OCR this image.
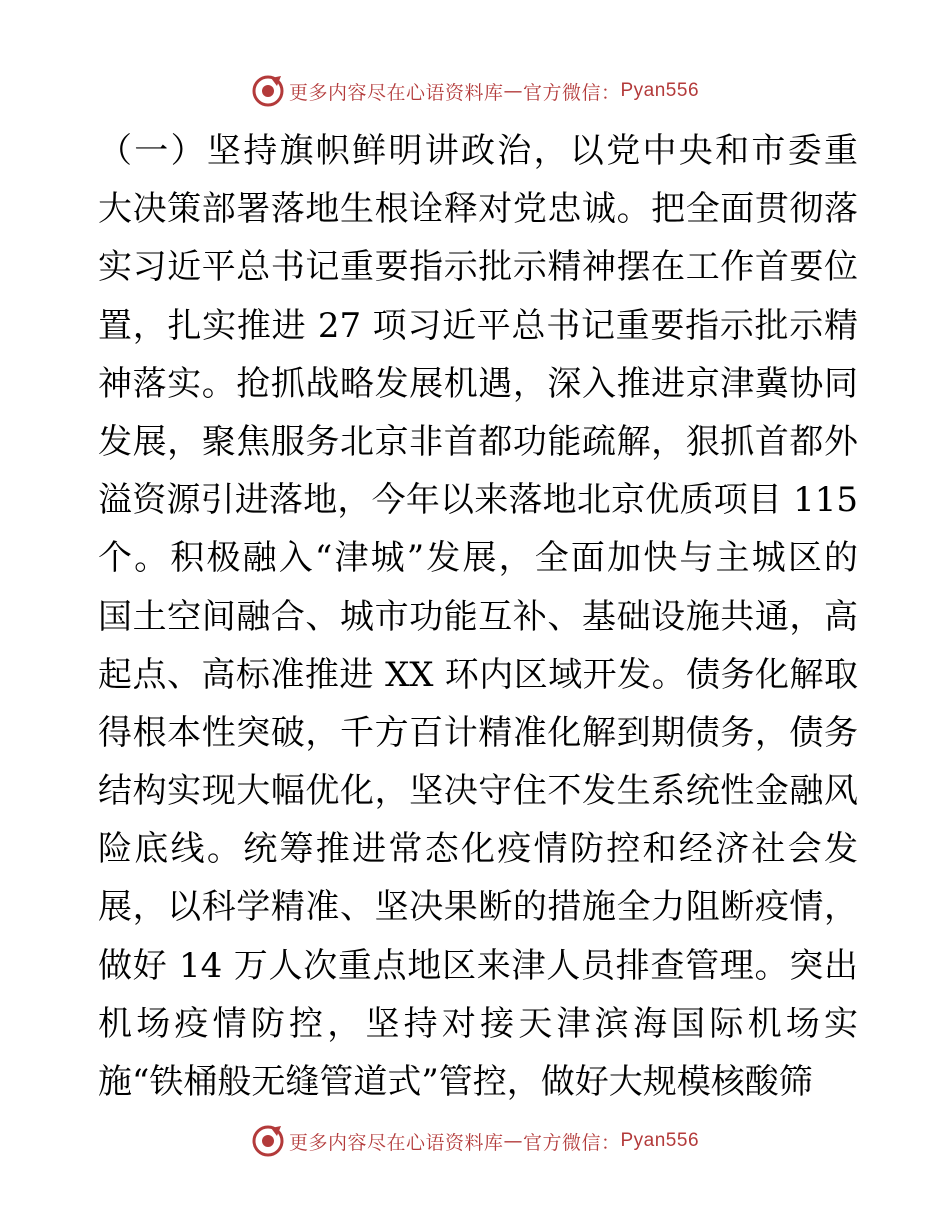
更多内容尽在心语资料库 — 官方微信： Pyan556
（一）坚持旗帜鲜明讲政治，以党中央和市委重
大决策部署落地生根诠释对党忠诚。把全面贯彻落
实习近平总书记重要指示批示精神摆在工作首要位
置，扎实推进 27 项习近平总书记重要指示批示精
神落实。抢抓战略发展机遇，深入推进京津冀协同
发展，聚焦服务北京非首都功能疏解，狠抓首都外
溢资源引进落地，今年以来落地北京优质项目 115
个。积极融入“津城”发展，全面加快与主城区的
国土空间融合、城市功能互补、基础设施共通，高
起点、高标准推进 XX 环内区域开发。债务化解取
得根本性突破，千方百计精准化解到期债务，债务
结构实现大幅优化，坚决守住不发生系统性金融风
险底线。统筹推进常态化疫情防控和经济社会发
展，以科学精准、坚决果断的措施全力阻断疫情，
做好 14 万人次重点地区来津人员排查管理。突出
机场疫情防控，坚持对接天津滨海国际机场实
施“铁桶般无缝管道式”管控，做好大规模核酸筛
更多内容尽在心语资料库 — 官方微信： Pyan556
